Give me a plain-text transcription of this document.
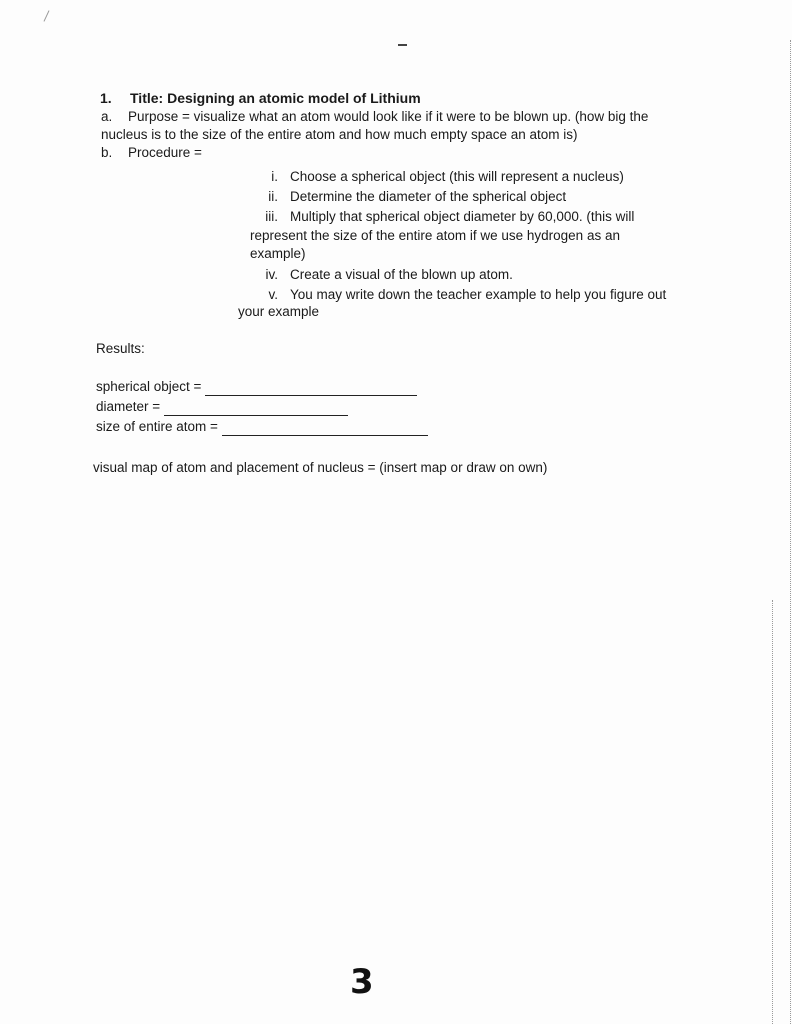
1. Title: Designing an atomic model of Lithium
a. Purpose = visualize what an atom would look like if it were to be blown up. (how big the
nucleus is to the size of the entire atom and how much empty space an atom is)
b. Procedure =
i. Choose a spherical object (this will represent a nucleus)
ii. Determine the diameter of the spherical object
iii. Multiply that spherical object diameter by 60,000. (this will
represent the size of the entire atom if we use hydrogen as an
example)
iv. Create a visual of the blown up atom.
v. You may write down the teacher example to help you figure out
your example
Results:
spherical object =
diameter =
size of entire atom =
visual map of atom and placement of nucleus = (insert map or draw on own)
3
